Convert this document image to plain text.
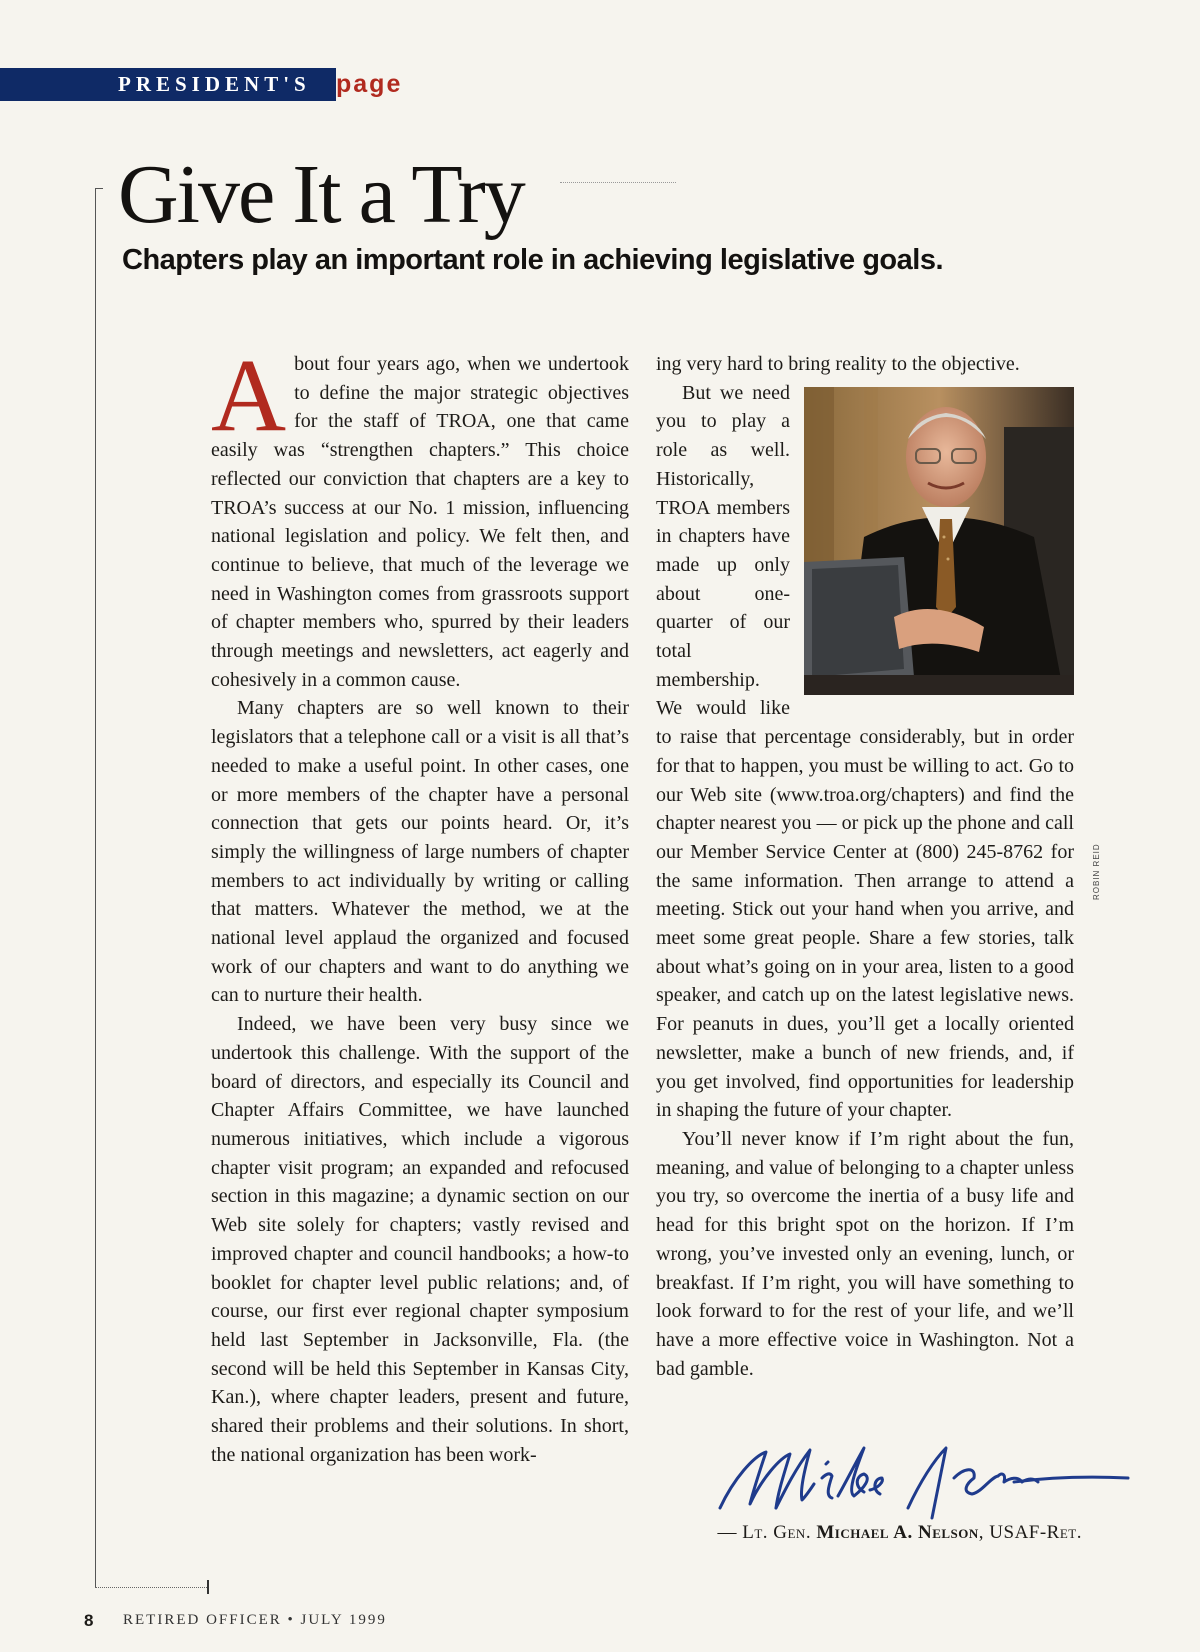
PRESIDENT'S page
Give It a Try
Chapters play an important role in achieving legislative goals.

About four years ago, when we undertook to define the major strategic objectives for the staff of TROA, one that came easily was “strengthen chapters.” This choice reflected our conviction that chapters are a key to TROA’s success at our No. 1 mission, influencing national legislation and policy. We felt then, and continue to believe, that much of the leverage we need in Washington comes from grassroots support of chapter members who, spurred by their leaders through meetings and newsletters, act eagerly and cohesively in a common cause.

Many chapters are so well known to their legislators that a telephone call or a visit is all that’s needed to make a useful point. In other cases, one or more members of the chapter have a personal connection that gets our points heard. Or, it’s simply the willingness of large numbers of chapter members to act individually by writing or calling that matters. Whatever the method, we at the national level applaud the organized and focused work of our chapters and want to do anything we can to nurture their health.

Indeed, we have been very busy since we undertook this challenge. With the support of the board of directors, and especially its Council and Chapter Affairs Committee, we have launched numerous initiatives, which include a vigorous chapter visit program; an expanded and refocused section in this magazine; a dynamic section on our Web site solely for chapters; vastly revised and improved chapter and council handbooks; a how-to booklet for chapter level public relations; and, of course, our first ever regional chapter symposium held last September in Jacksonville, Fla. (the second will be held this September in Kansas City, Kan.), where chapter leaders, present and future, shared their problems and their solutions. In short, the national organization has been work-

ing very hard to bring reality to the objective.

But we need you to play a role as well. Historically, TROA members in chapters have made up only about one-quarter of our total membership. We would like to raise that percentage considerably, but in order for that to happen, you must be willing to act. Go to our Web site (www.troa.org/chapters) and find the chapter nearest you — or pick up the phone and call our Member Service Center at (800) 245-8762 for the same information. Then arrange to attend a meeting. Stick out your hand when you arrive, and meet some great people. Share a few stories, talk about what’s going on in your area, listen to a good speaker, and catch up on the latest legislative news. For peanuts in dues, you’ll get a locally oriented newsletter, make a bunch of new friends, and, if you get involved, find opportunities for leadership in shaping the future of your chapter.

You’ll never know if I’m right about the fun, meaning, and value of belonging to a chapter unless you try, so overcome the inertia of a busy life and head for this bright spot on the horizon. If I’m wrong, you’ve invested only an evening, lunch, or breakfast. If I’m right, you will have something to look forward to for the rest of your life, and we’ll have a more effective voice in Washington. Not a bad gamble.

ROBIN REID
— Lt. Gen. Michael A. Nelson, USAF-Ret.
8 RETIRED OFFICER • JULY 1999
